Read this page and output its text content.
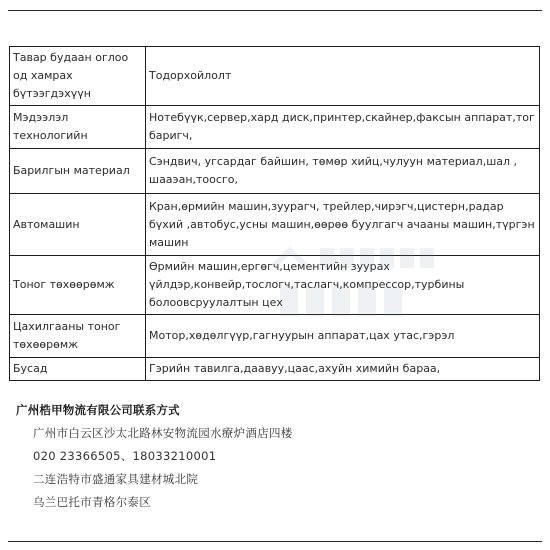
Тавар будаан оглоо од хамрах бүтээгдэхүүн	Тодорхойлолт
Мэдээлэл технологийн	Нотебүүк,сервер,хард диск,принтер,скайнер,факсын аппарат,тог баригч,
Барилгын материал	Сэндвич, угсардаг байшин, төмөр хийц,чулуун материал,шал , шааэан,тоосго,
Автомашин	Кран,өрмийн машин,зуурагч, трейлер,чирэгч,цистерн,радар бүхий ,автобус,усны машин,өөрөө буулгагч ачааны машин,түргэн машин
Тоног төхөөрөмж	Өрмийн машин,ергөгч,цементийн зуурах үйлдэр,конвейр,тослогч,таслагч,компрессор,турбины болоовсруулалтын цех
Цахилгааны тоног төхөөрөмж	Мотор,хөдөлгүүр,гагнуурын аппарат,цах утас,гэрэл
Бусад	Гэрийн тавилга,даавуу,цаас,ахуйн химийн бараа,
广州梏甲物流有限公司联系方式
广州市白云区沙太北路林安物流园水療炉酒店四楼
020 23366505、18033210001
二连浩特市盛通家具建材城北院
乌兰巴托市青格尔泰区
